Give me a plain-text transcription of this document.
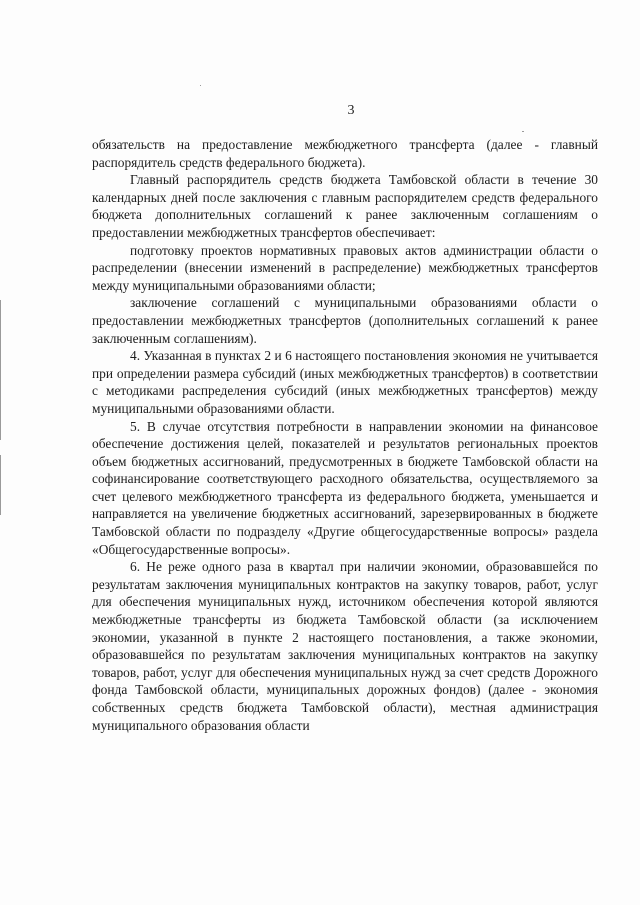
3

обязательств на предоставление межбюджетного трансферта (далее - главный распорядитель средств федерального бюджета).

Главный распорядитель средств бюджета Тамбовской области в течение 30 календарных дней после заключения с главным распорядителем средств федерального бюджета дополнительных соглашений к ранее заключенным соглашениям о предоставлении межбюджетных трансфертов обеспечивает:

подготовку проектов нормативных правовых актов администрации области о распределении (внесении изменений в распределение) межбюджетных трансфертов между муниципальными образованиями области;

заключение соглашений с муниципальными образованиями области о предоставлении межбюджетных трансфертов (дополнительных соглашений к ранее заключенным соглашениям).

4. Указанная в пунктах 2 и 6 настоящего постановления экономия не учитывается при определении размера субсидий (иных межбюджетных трансфертов) в соответствии с методиками распределения субсидий (иных межбюджетных трансфертов) между муниципальными образованиями области.

5. В случае отсутствия потребности в направлении экономии на финансовое обеспечение достижения целей, показателей и результатов региональных проектов объем бюджетных ассигнований, предусмотренных в бюджете Тамбовской области на софинансирование соответствующего расходного обязательства, осуществляемого за счет целевого межбюджетного трансферта из федерального бюджета, уменьшается и направляется на увеличение бюджетных ассигнований, зарезервированных в бюджете Тамбовской области по подразделу «Другие общегосударственные вопросы» раздела «Общегосударственные вопросы».

6. Не реже одного раза в квартал при наличии экономии, образовавшейся по результатам заключения муниципальных контрактов на закупку товаров, работ, услуг для обеспечения муниципальных нужд, источником обеспечения которой являются межбюджетные трансферты из бюджета Тамбовской области (за исключением экономии, указанной в пункте 2 настоящего постановления, а также экономии, образовавшейся по результатам заключения муниципальных контрактов на закупку товаров, работ, услуг для обеспечения муниципальных нужд за счет средств Дорожного фонда Тамбовской области, муниципальных дорожных фондов) (далее - экономия собственных средств бюджета Тамбовской области), местная администрация муниципального образования области
